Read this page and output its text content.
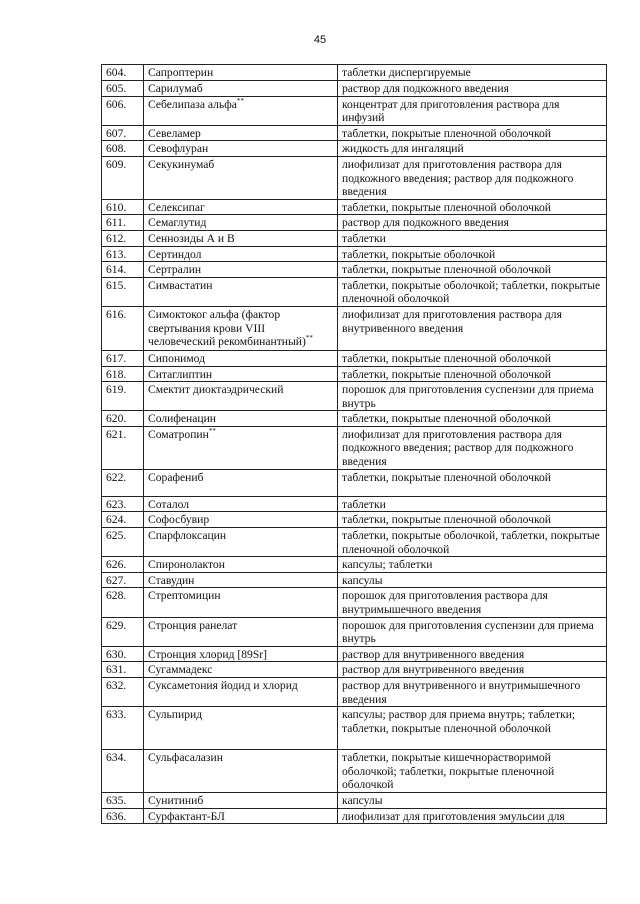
45
604.	Сапроптерин	таблетки диспергируемые
605.	Сарилумаб	раствор для подкожного введения
606.	Себелипаза альфа**	концентрат для приготовления раствора для инфузий
607.	Севеламер	таблетки, покрытые пленочной оболочкой
608.	Севофлуран	жидкость для ингаляций
609.	Секукинумаб	лиофилизат для приготовления раствора для подкожного введения; раствор для подкожного введения
610.	Селексипаг	таблетки, покрытые пленочной оболочкой
611.	Семаглутид	раствор для подкожного введения
612.	Сеннозиды А и В	таблетки
613.	Сертиндол	таблетки, покрытые оболочкой
614.	Сертралин	таблетки, покрытые пленочной оболочкой
615.	Симвастатин	таблетки, покрытые оболочкой; таблетки, покрытые пленочной оболочкой
616.	Симоктоког альфа (фактор свертывания крови VIII человеческий рекомбинантный)**	лиофилизат для приготовления раствора для внутривенного введения
617.	Сипонимод	таблетки, покрытые пленочной оболочкой
618.	Ситаглиптин	таблетки, покрытые пленочной оболочкой
619.	Смектит диоктаэдрический	порошок для приготовления суспензии для приема внутрь
620.	Солифенацин	таблетки, покрытые пленочной оболочкой
621.	Соматропин**	лиофилизат для приготовления раствора для подкожного введения; раствор для подкожного введения
622.	Сорафениб	таблетки, покрытые пленочной оболочкой
623.	Соталол	таблетки
624.	Софосбувир	таблетки, покрытые пленочной оболочкой
625.	Спарфлоксацин	таблетки, покрытые оболочкой, таблетки, покрытые пленочной оболочкой
626.	Спиронолактон	капсулы; таблетки
627.	Ставудин	капсулы
628.	Стрептомицин	порошок для приготовления раствора для внутримышечного введения
629.	Стронция ранелат	порошок для приготовления суспензии для приема внутрь
630.	Стронция хлорид [89Sr]	раствор для внутривенного введения
631.	Сугаммадекс	раствор для внутривенного введения
632.	Суксаметония йодид и хлорид	раствор для внутривенного и внутримышечного введения
633.	Сульпирид	капсулы; раствор для приема внутрь; таблетки; таблетки, покрытые пленочной оболочкой
634.	Сульфасалазин	таблетки, покрытые кишечнорастворимой оболочкой; таблетки, покрытые пленочной оболочкой
635.	Сунитиниб	капсулы
636.	Сурфактант-БЛ	лиофилизат для приготовления эмульсии для
